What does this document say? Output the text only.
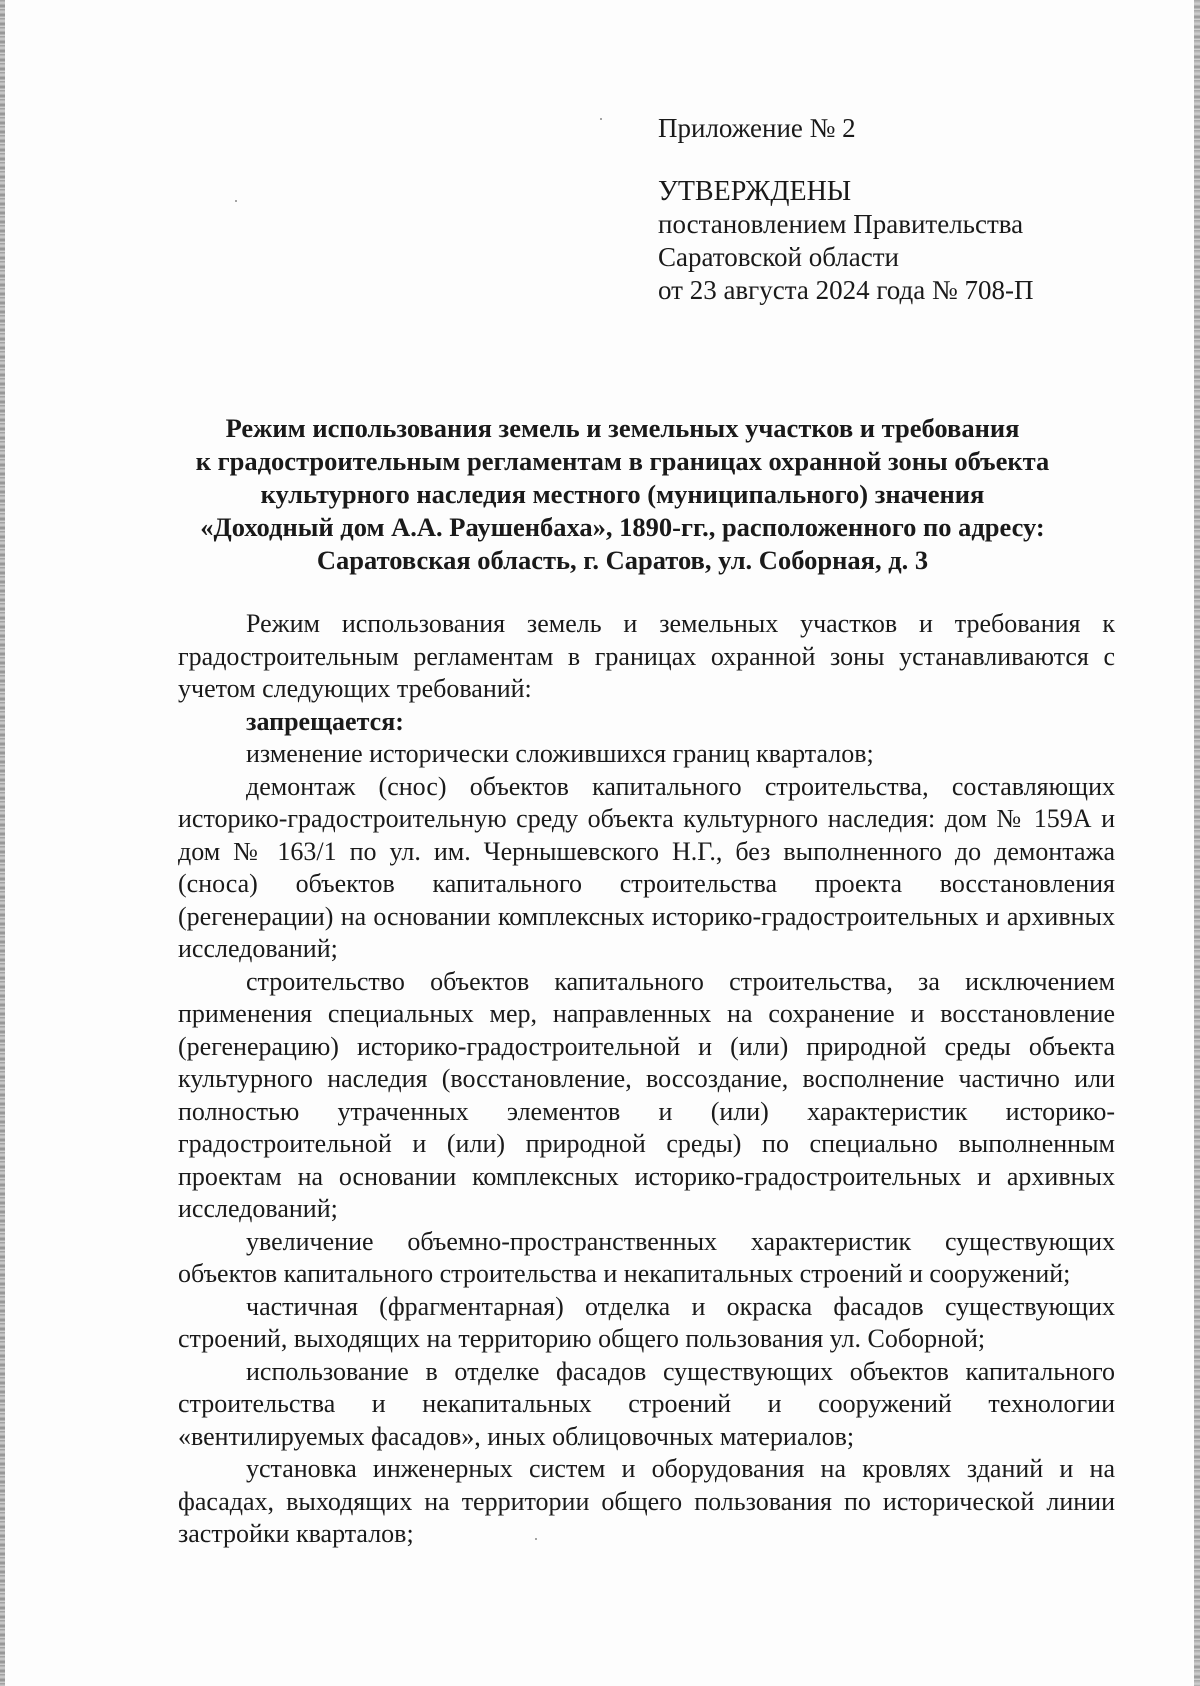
Приложение № 2

УТВЕРЖДЕНЫ

постановлением Правительства

Саратовской области

от 23 августа 2024 года № 708-П

Режим использования земель и земельных участков и требования
к градостроительным регламентам в границах охранной зоны объекта
культурного наследия местного (муниципального) значения
«Доходный дом А.А. Раушенбаха», 1890-гг., расположенного по адресу:
Саратовская область, г. Саратов, ул. Соборная, д. 3

Режим использования земель и земельных участков и требования к градостроительным регламентам в границах охранной зоны устанавливаются с учетом следующих требований:

запрещается:

изменение исторически сложившихся границ кварталов;

демонтаж (снос) объектов капитального строительства, составляющих историко-градостроительную среду объекта культурного наследия: дом № 159А и дом № 163/1 по ул. им. Чернышевского Н.Г., без выполненного до демонтажа (сноса) объектов капитального строительства проекта восстановления (регенерации) на основании комплексных историко-градостроительных и архивных исследований;

строительство объектов капитального строительства, за исключением применения специальных мер, направленных на сохранение и восстановление (регенерацию) историко-градостроительной и (или) природной среды объекта культурного наследия (восстановление, воссоздание, восполнение частично или полностью утраченных элементов и (или) характеристик историко-градостроительной и (или) природной среды) по специально выполненным проектам на основании комплексных историко-градостроительных и архивных исследований;

увеличение объемно-пространственных характеристик существующих объектов капитального строительства и некапитальных строений и сооружений;

частичная (фрагментарная) отделка и окраска фасадов существующих строений, выходящих на территорию общего пользования ул. Соборной;

использование в отделке фасадов существующих объектов капитального строительства и некапитальных строений и сооружений технологии «вентилируемых фасадов», иных облицовочных материалов;

установка инженерных систем и оборудования на кровлях зданий и на фасадах, выходящих на территории общего пользования по исторической линии застройки кварталов;
